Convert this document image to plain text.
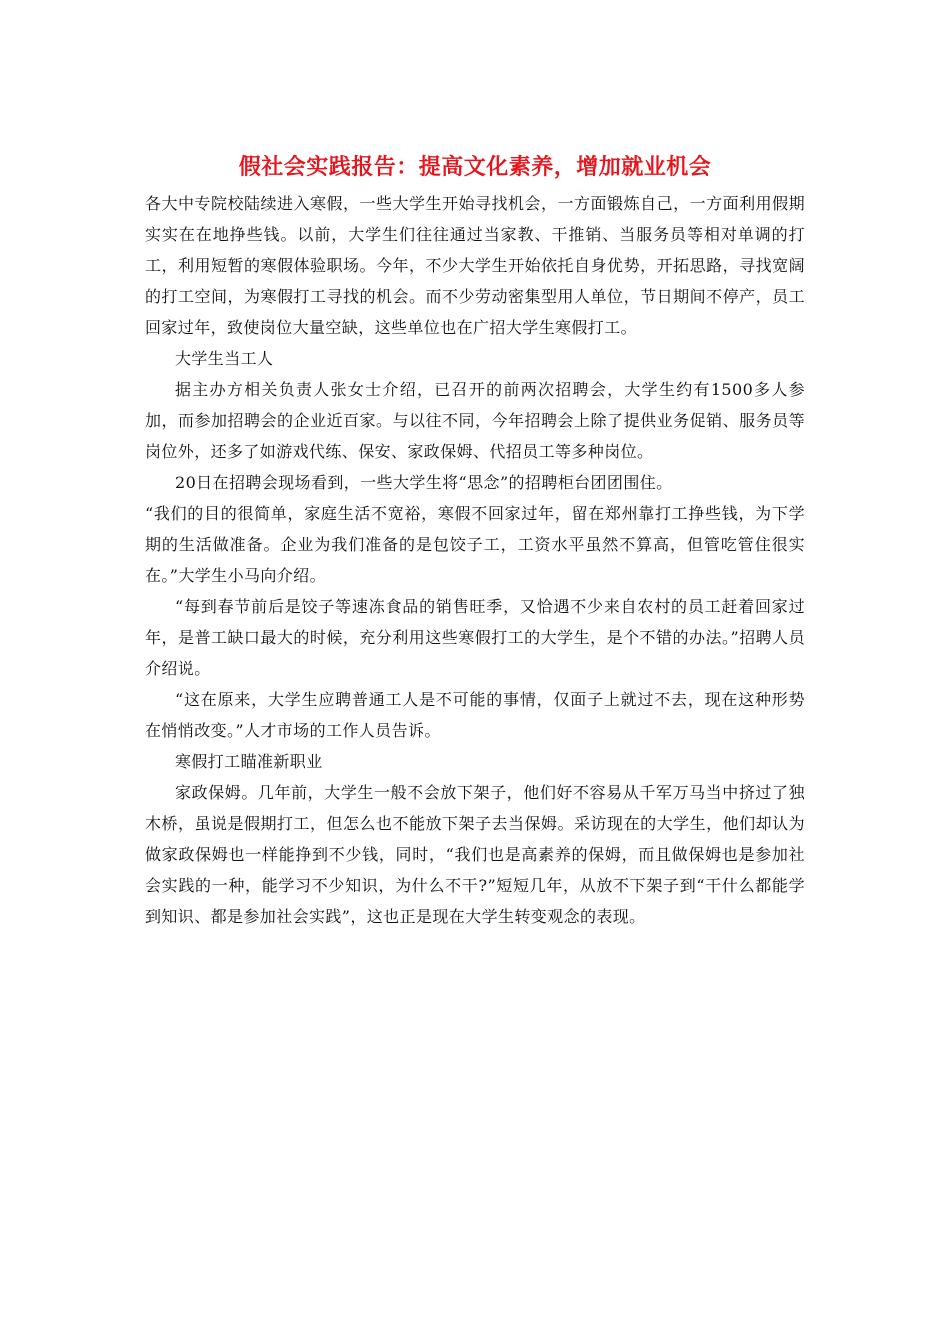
假社会实践报告：提高文化素养，增加就业机会

各大中专院校陆续进入寒假，一些大学生开始寻找机会，一方面锻炼自己，一方面利用假期实实在在地挣些钱。以前，大学生们往往通过当家教、干推销、当服务员等相对单调的打工，利用短暂的寒假体验职场。今年，不少大学生开始依托自身优势，开拓思路，寻找宽阔的打工空间，为寒假打工寻找的机会。而不少劳动密集型用人单位，节日期间不停产，员工回家过年，致使岗位大量空缺，这些单位也在广招大学生寒假打工。

大学生当工人

据主办方相关负责人张女士介绍，已召开的前两次招聘会，大学生约有1500多人参加，而参加招聘会的企业近百家。与以往不同，今年招聘会上除了提供业务促销、服务员等岗位外，还多了如游戏代练、保安、家政保姆、代招员工等多种岗位。

20日在招聘会现场看到，一些大学生将“思念”的招聘柜台团团围住。

“我们的目的很简单，家庭生活不宽裕，寒假不回家过年，留在郑州靠打工挣些钱，为下学期的生活做准备。企业为我们准备的是包饺子工，工资水平虽然不算高，但管吃管住很实在。”大学生小马向介绍。

“每到春节前后是饺子等速冻食品的销售旺季，又恰遇不少来自农村的员工赶着回家过年，是普工缺口最大的时候，充分利用这些寒假打工的大学生，是个不错的办法。”招聘人员介绍说。

“这在原来，大学生应聘普通工人是不可能的事情，仅面子上就过不去，现在这种形势在悄悄改变。”人才市场的工作人员告诉。

寒假打工瞄准新职业

家政保姆。几年前，大学生一般不会放下架子，他们好不容易从千军万马当中挤过了独木桥，虽说是假期打工，但怎么也不能放下架子去当保姆。采访现在的大学生，他们却认为做家政保姆也一样能挣到不少钱，同时，“我们也是高素养的保姆，而且做保姆也是参加社会实践的一种，能学习不少知识，为什么不干?”短短几年，从放不下架子到“干什么都能学到知识、都是参加社会实践”，这也正是现在大学生转变观念的表现。
